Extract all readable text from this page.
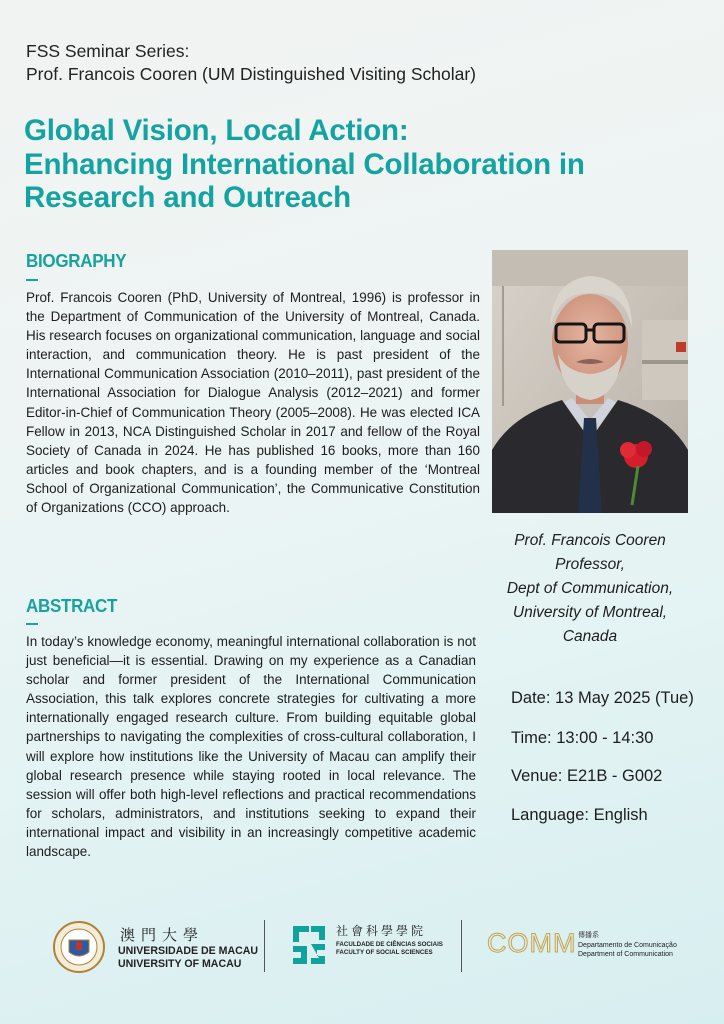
FSS Seminar Series:
Prof. Francois Cooren (UM Distinguished Visiting Scholar)
Global Vision, Local Action:
Enhancing International Collaboration in
Research and Outreach
BIOGRAPHY
Prof. Francois Cooren (PhD, University of Montreal, 1996) is professor in the Department of Communication of the University of Montreal, Canada. His research focuses on organizational communication, language and social interaction, and communication theory. He is past president of the International Communication Association (2010–2011), past president of the International Association for Dialogue Analysis (2012–2021) and former Editor-in-Chief of Communication Theory (2005–2008). He was elected ICA Fellow in 2013, NCA Distinguished Scholar in 2017 and fellow of the Royal Society of Canada in 2024. He has published 16 books, more than 160 articles and book chapters, and is a founding member of the ‘Montreal School of Organizational Communication’, the Communicative Constitution of Organizations (CCO) approach.
Prof. Francois Cooren
Professor,
Dept of Communication,
University of Montreal,
Canada
ABSTRACT
In today’s knowledge economy, meaningful international collaboration is not just beneficial—it is essential. Drawing on my experience as a Canadian scholar and former president of the International Communication Association, this talk explores concrete strategies for cultivating a more internationally engaged research culture. From building equitable global partnerships to navigating the complexities of cross-cultural collaboration, I will explore how institutions like the University of Macau can amplify their global research presence while staying rooted in local relevance. The session will offer both high-level reflections and practical recommendations for scholars, administrators, and institutions seeking to expand their international impact and visibility in an increasingly competitive academic landscape.
Date: 13 May 2025 (Tue)
Time: 13:00 - 14:30
Venue: E21B - G002
Language: English
澳門大學
UNIVERSIDADE DE MACAU
UNIVERSITY OF MACAU
社會科學學院
FACULDADE DE CIÊNCIAS SOCIAIS
FACULTY OF SOCIAL SCIENCES	COMM 傳播系
Departamento de Comunicação
Department of Communication
